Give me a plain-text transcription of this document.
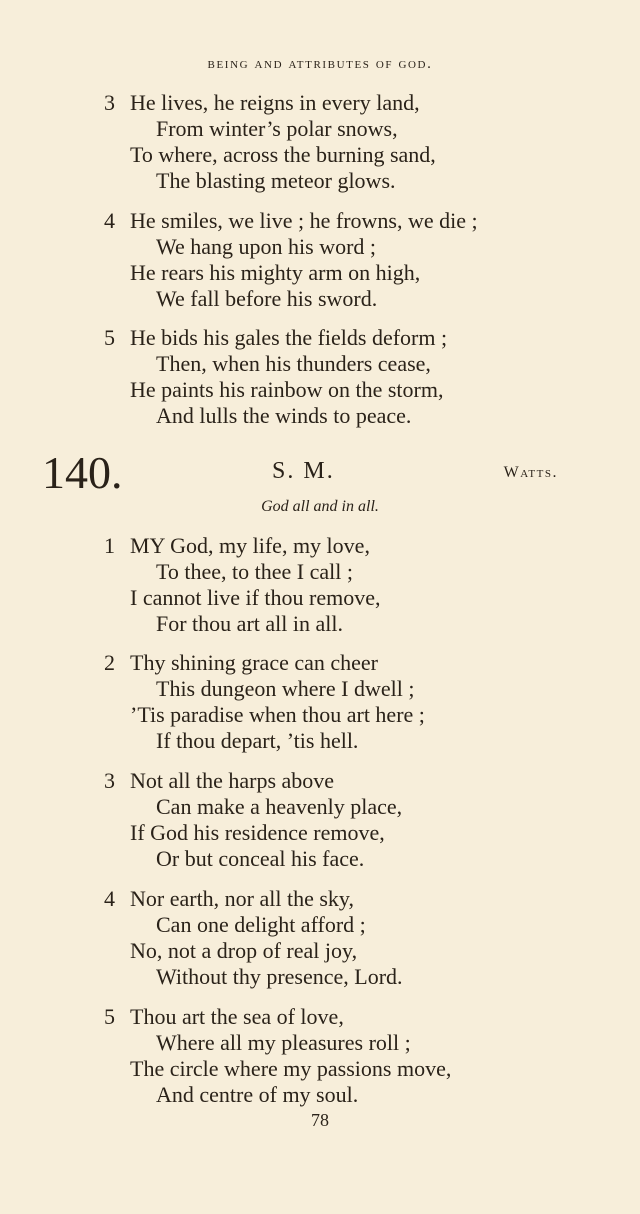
being and attributes of god.
3 He lives, he reigns in every land,
From winter’s polar snows,
To where, across the burning sand,
The blasting meteor glows.
4 He smiles, we live ; he frowns, we die ;
We hang upon his word ;
He rears his mighty arm on high,
We fall before his sword.
5 He bids his gales the fields deform ;
Then, when his thunders cease,
He paints his rainbow on the storm,
And lulls the winds to peace.
140.	S. M.	Watts.
God all and in all.
1 MY God, my life, my love,
To thee, to thee I call ;
I cannot live if thou remove,
For thou art all in all.
2 Thy shining grace can cheer
This dungeon where I dwell ;
’Tis paradise when thou art here ;
If thou depart, ’tis hell.
3 Not all the harps above
Can make a heavenly place,
If God his residence remove,
Or but conceal his face.
4 Nor earth, nor all the sky,
Can one delight afford ;
No, not a drop of real joy,
Without thy presence, Lord.
5 Thou art the sea of love,
Where all my pleasures roll ;
The circle where my passions move,
And centre of my soul.
78
